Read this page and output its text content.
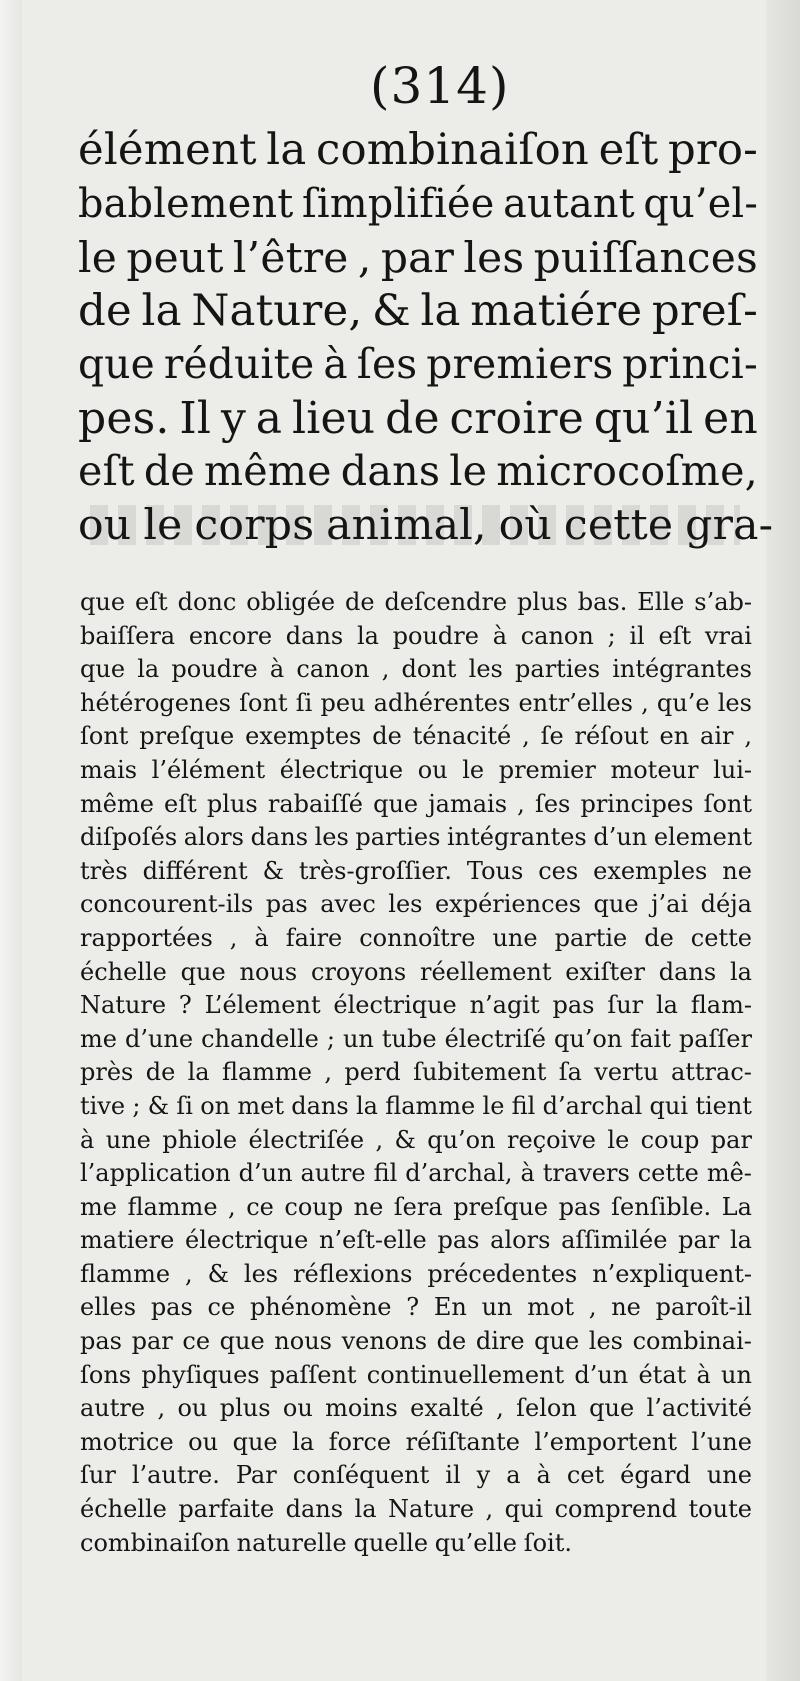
(314)
élément la combinaiſon eſt pro-
bablement ſimplifiée autant qu’el-
le peut l’être , par les puiſſances
de la Nature, & la matiére preſ-
que réduite à ſes premiers princi-
pes. Il y a lieu de croire qu’il en
eſt de même dans le microcoſme,
ou le corps animal, où cette gra-
que eſt donc obligée de deſcendre plus bas. Elle s’ab-
baiſſera encore dans la poudre à canon ; il eſt vrai
que la poudre à canon , dont les parties intégrantes
hétérogenes ſont ſi peu adhérentes entr’elles , qu’e les
ſont preſque exemptes de ténacité , ſe réſout en air ,
mais l’élément électrique ou le premier moteur lui-
même eſt plus rabaiſſé que jamais , ſes principes ſont
diſpoſés alors dans les parties intégrantes d’un element
très différent & très-groſſier. Tous ces exemples ne
concourent-ils pas avec les expériences que j’ai déja
rapportées , à faire connoître une partie de cette
échelle que nous croyons réellement exiſter dans la
Nature ? L’élement électrique n’agit pas ſur la flam-
me d’une chandelle ; un tube électriſé qu’on fait paſſer
près de la flamme , perd ſubitement ſa vertu attrac-
tive ; & ſi on met dans la flamme le fil d’archal qui tient
à une phiole électriſée , & qu’on reçoive le coup par
l’application d’un autre fil d’archal, à travers cette mê-
me flamme , ce coup ne ſera preſque pas ſenſible. La
matiere électrique n’eſt-elle pas alors aſſimilée par la
flamme , & les réflexions précedentes n’expliquent-
elles pas ce phénomène ? En un mot , ne paroît-il
pas par ce que nous venons de dire que les combinai-
ſons phyſiques paſſent continuellement d’un état à un
autre , ou plus ou moins exalté , ſelon que l’activité
motrice ou que la force réſiſtante l’emportent l’une
ſur l’autre. Par conſéquent il y a à cet égard une
échelle parfaite dans la Nature , qui comprend toute
combinaiſon naturelle quelle qu’elle ſoit.
